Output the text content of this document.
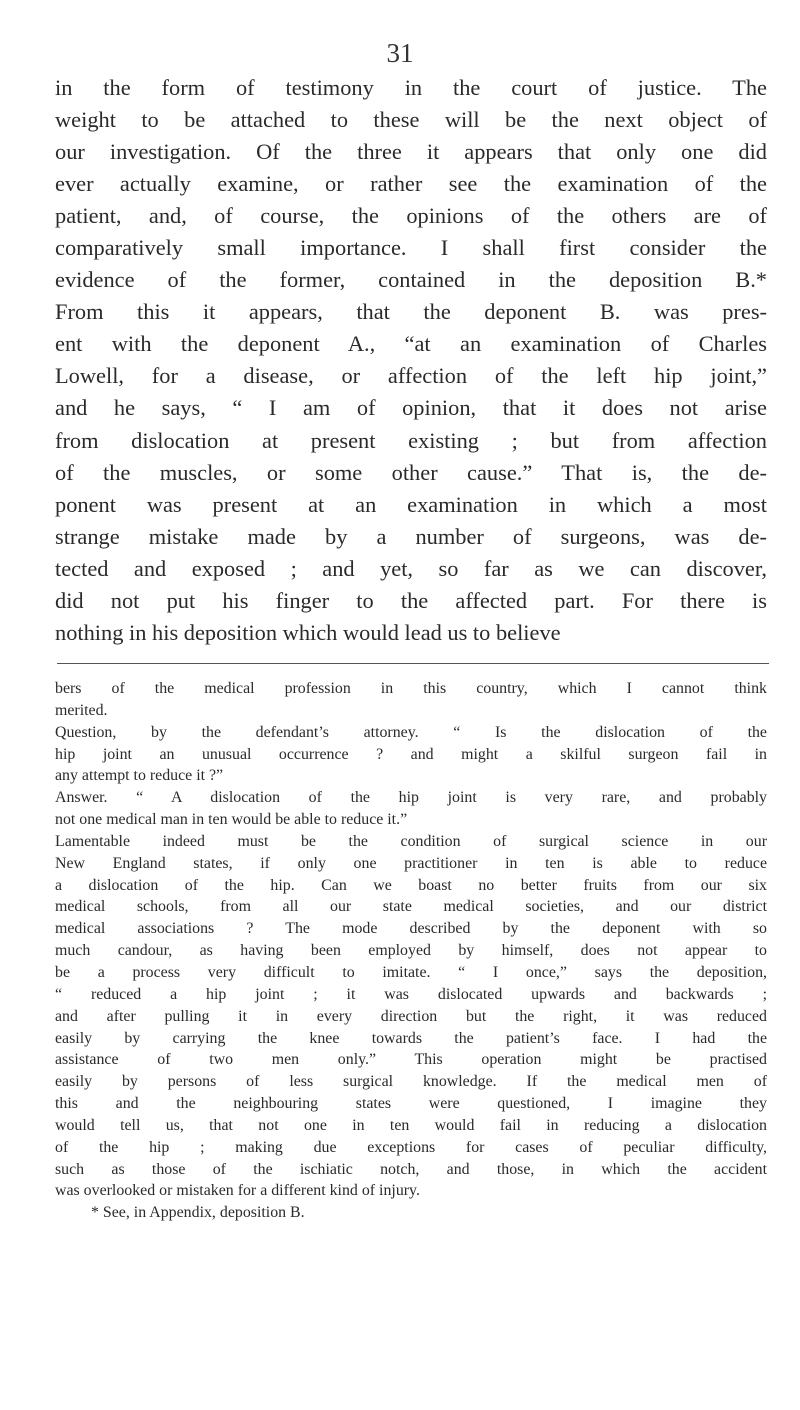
31
in the form of testimony in the court of justice. The
weight to be attached to these will be the next object of
our investigation. Of the three it appears that only one did
ever actually examine, or rather see the examination of the
patient, and, of course, the opinions of the others are of
comparatively small importance. I shall first consider the
evidence of the former, contained in the deposition B.*
From this it appears, that the deponent B. was pres-
ent with the deponent A., “at an examination of Charles
Lowell, for a disease, or affection of the left hip joint,”
and he says, “ I am of opinion, that it does not arise
from dislocation at present existing ; but from affection
of the muscles, or some other cause.” That is, the de-
ponent was present at an examination in which a most
strange mistake made by a number of surgeons, was de-
tected and exposed ; and yet, so far as we can discover,
did not put his finger to the affected part. For there is
nothing in his deposition which would lead us to believe
bers of the medical profession in this country, which I cannot think
merited.
Question, by the defendant’s attorney. “ Is the dislocation of the
hip joint an unusual occurrence ? and might a skilful surgeon fail in
any attempt to reduce it ?”
Answer. “ A dislocation of the hip joint is very rare, and probably
not one medical man in ten would be able to reduce it.”
Lamentable indeed must be the condition of surgical science in our
New England states, if only one practitioner in ten is able to reduce
a dislocation of the hip. Can we boast no better fruits from our six
medical schools, from all our state medical societies, and our district
medical associations ? The mode described by the deponent with so
much candour, as having been employed by himself, does not appear to
be a process very difficult to imitate. “ I once,” says the deposition,
“ reduced a hip joint ; it was dislocated upwards and backwards ;
and after pulling it in every direction but the right, it was reduced
easily by carrying the knee towards the patient’s face. I had the
assistance of two men only.” This operation might be practised
easily by persons of less surgical knowledge. If the medical men of
this and the neighbouring states were questioned, I imagine they
would tell us, that not one in ten would fail in reducing a dislocation
of the hip ; making due exceptions for cases of peculiar difficulty,
such as those of the ischiatic notch, and those, in which the accident
was overlooked or mistaken for a different kind of injury.
* See, in Appendix, deposition B.
